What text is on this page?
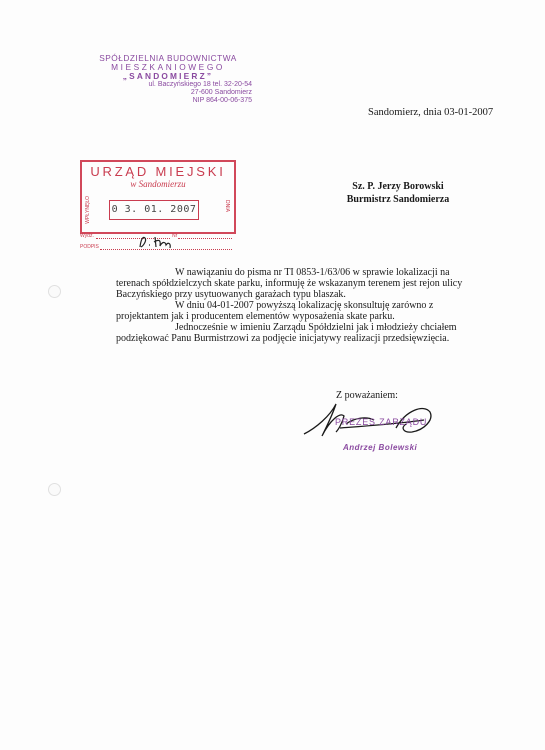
SPÓŁDZIELNIA BUDOWNICTWA
MIESZKANIOWEGO
„SANDOMIERZ”
ul. Baczyńskiego 18 tel. 32-20-54
27-600 Sandomierz
NIP 864-00-06-375
Sandomierz, dnia 03-01-2007
URZĄD MIEJSKI
w Sandomierzu
WPŁYNĘŁO	DNIA
0 3. 01. 2007
Wydz.	Nr
PODPIS
Sz. P. Jerzy Borowski
Burmistrz Sandomierza

W nawiązaniu do pisma nr TI 0853-1/63/06 w sprawie lokalizacji na

terenach spółdzielczych skate parku, informuję że wskazanym terenem jest rejon ulicy

Baczyńskiego przy usytuowanych garażach typu blaszak.

W dniu 04-01-2007 powyższą lokalizację skonsultuję zarówno z

projektantem jak i producentem elementów wyposażenia skate parku.

Jednocześnie w imieniu Zarządu Spółdzielni jak i młodzieży chciałem

podziękować Panu Burmistrzowi za podjęcie inicjatywy realizacji przedsięwzięcia.

Z poważaniem:
PREZES ZARZĄDU
Andrzej Bolewski
